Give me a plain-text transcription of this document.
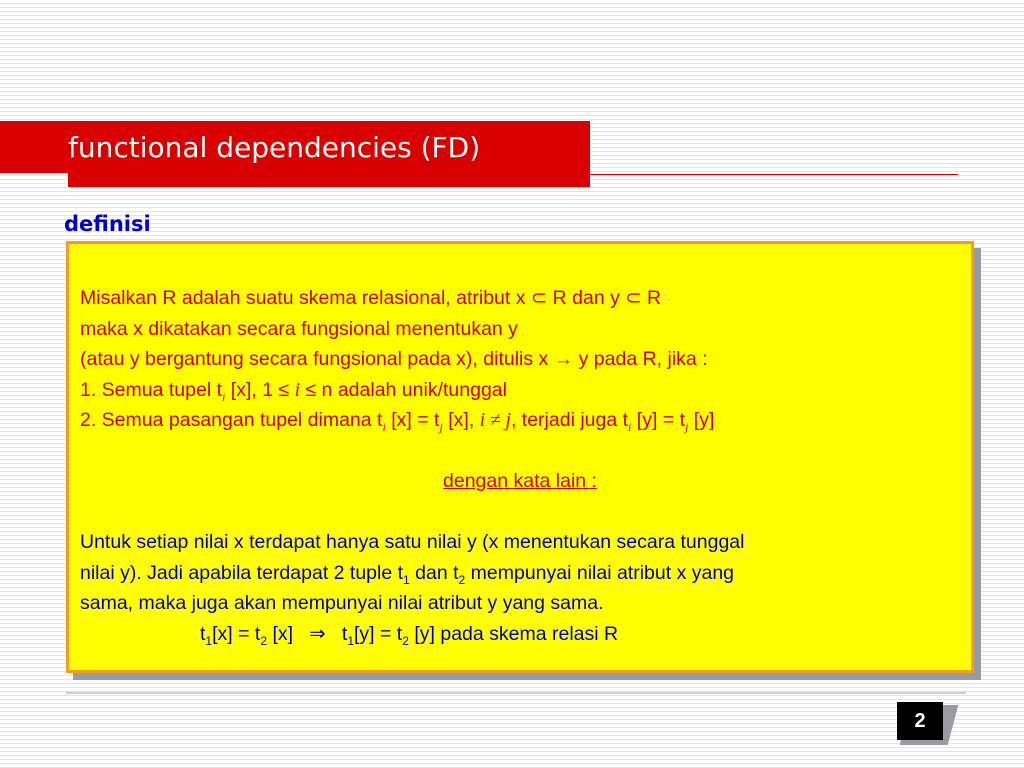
functional dependencies (FD)
definisi
Misalkan R adalah suatu skema relasional, atribut x ⊂ R dan y ⊂ R
maka x dikatakan secara fungsional menentukan y
(atau y bergantung secara fungsional pada x), ditulis x → y pada R, jika :
1. Semua tupel $t_i$ [x], 1 ≤ i ≤ n adalah unik/tunggal
2. Semua pasangan tupel dimana $t_i$ $[x] = t_j$ [x], i ≠ j, terjadi juga $t_i$ $[y] = t_j$ [y]
dengan kata lain :
Untuk setiap nilai x terdapat hanya satu nilai y (x menentukan secara tunggal
nilai y). Jadi apabila terdapat 2 tuple $t_1$ dan $t_2$ mempunyai nilai atribut x yang
sama, maka juga akan mempunyai nilai atribut y yang sama.
$t_1[x] = t_2$ [x]   ⇒   $t_1[y] = t_2$ [y] pada skema relasi R
2
